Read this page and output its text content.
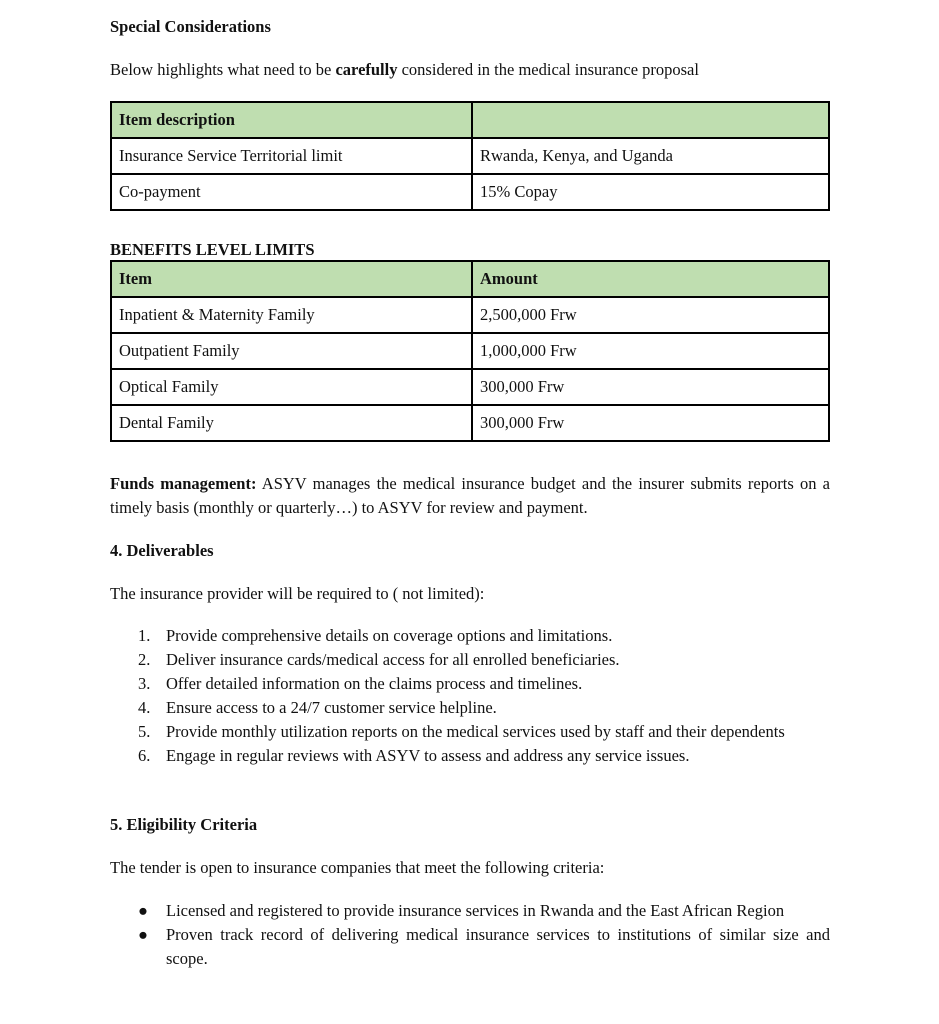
Special Considerations
Below highlights what need to be carefully considered in the medical insurance proposal
Item description	
Insurance Service Territorial limit	Rwanda, Kenya, and Uganda
Co-payment	15% Copay
BENEFITS LEVEL LIMITS
Item	Amount
Inpatient & Maternity Family	2,500,000 Frw
Outpatient Family	1,000,000 Frw
Optical Family	300,000 Frw
Dental Family	300,000 Frw
Funds management: ASYV manages the medical insurance budget and the insurer submits reports on a timely basis (monthly or quarterly…) to ASYV for review and payment.
4. Deliverables
The insurance provider will be required to ( not limited):
1. Provide comprehensive details on coverage options and limitations.
2. Deliver insurance cards/medical access for all enrolled beneficiaries.
3. Offer detailed information on the claims process and timelines.
4. Ensure access to a 24/7 customer service helpline.
5. Provide monthly utilization reports on the medical services used by staff and their dependents
6. Engage in regular reviews with ASYV to assess and address any service issues.
5. Eligibility Criteria
The tender is open to insurance companies that meet the following criteria:
● Licensed and registered to provide insurance services in Rwanda and the East African Region
● Proven track record of delivering medical insurance services to institutions of similar size and scope.
